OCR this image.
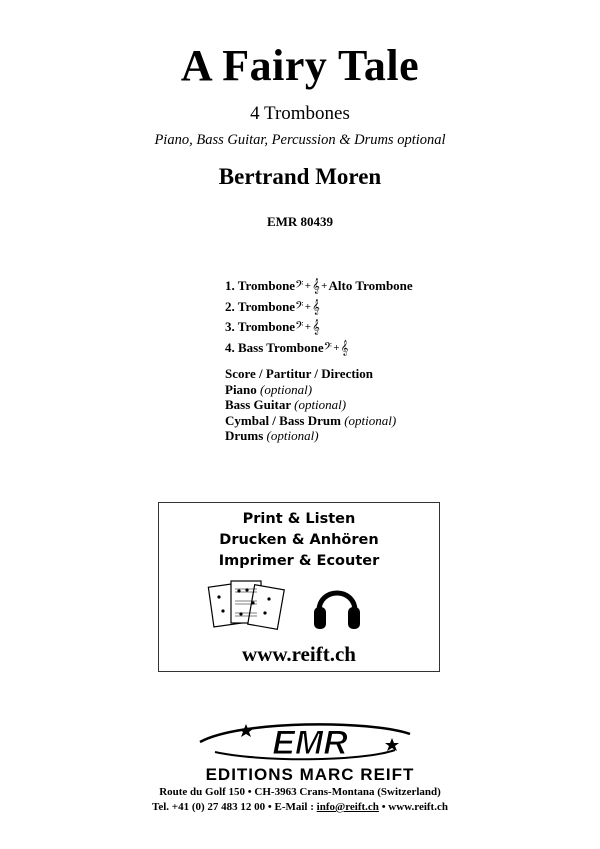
A Fairy Tale
4 Trombones
Piano, Bass Guitar, Percussion & Drums optional
Bertrand Moren
EMR 80439
1. Trombone𝄢+𝄞+Alto Trombone
2. Trombone𝄢+𝄞
3. Trombone𝄢+𝄞
4. Bass Trombone𝄢+𝄞
Score / Partitur / Direction
Piano (optional)
Bass Guitar (optional)
Cymbal / Bass Drum (optional)
Drums (optional)
Print & Listen
Drucken & Anhören
Imprimer & Ecouter
www.reift.ch
EMR
EDITIONS MARC REIFT
Route du Golf 150 • CH-3963 Crans-Montana (Switzerland)
Tel. +41 (0) 27 483 12 00 • E-Mail : info@reift.ch • www.reift.ch
